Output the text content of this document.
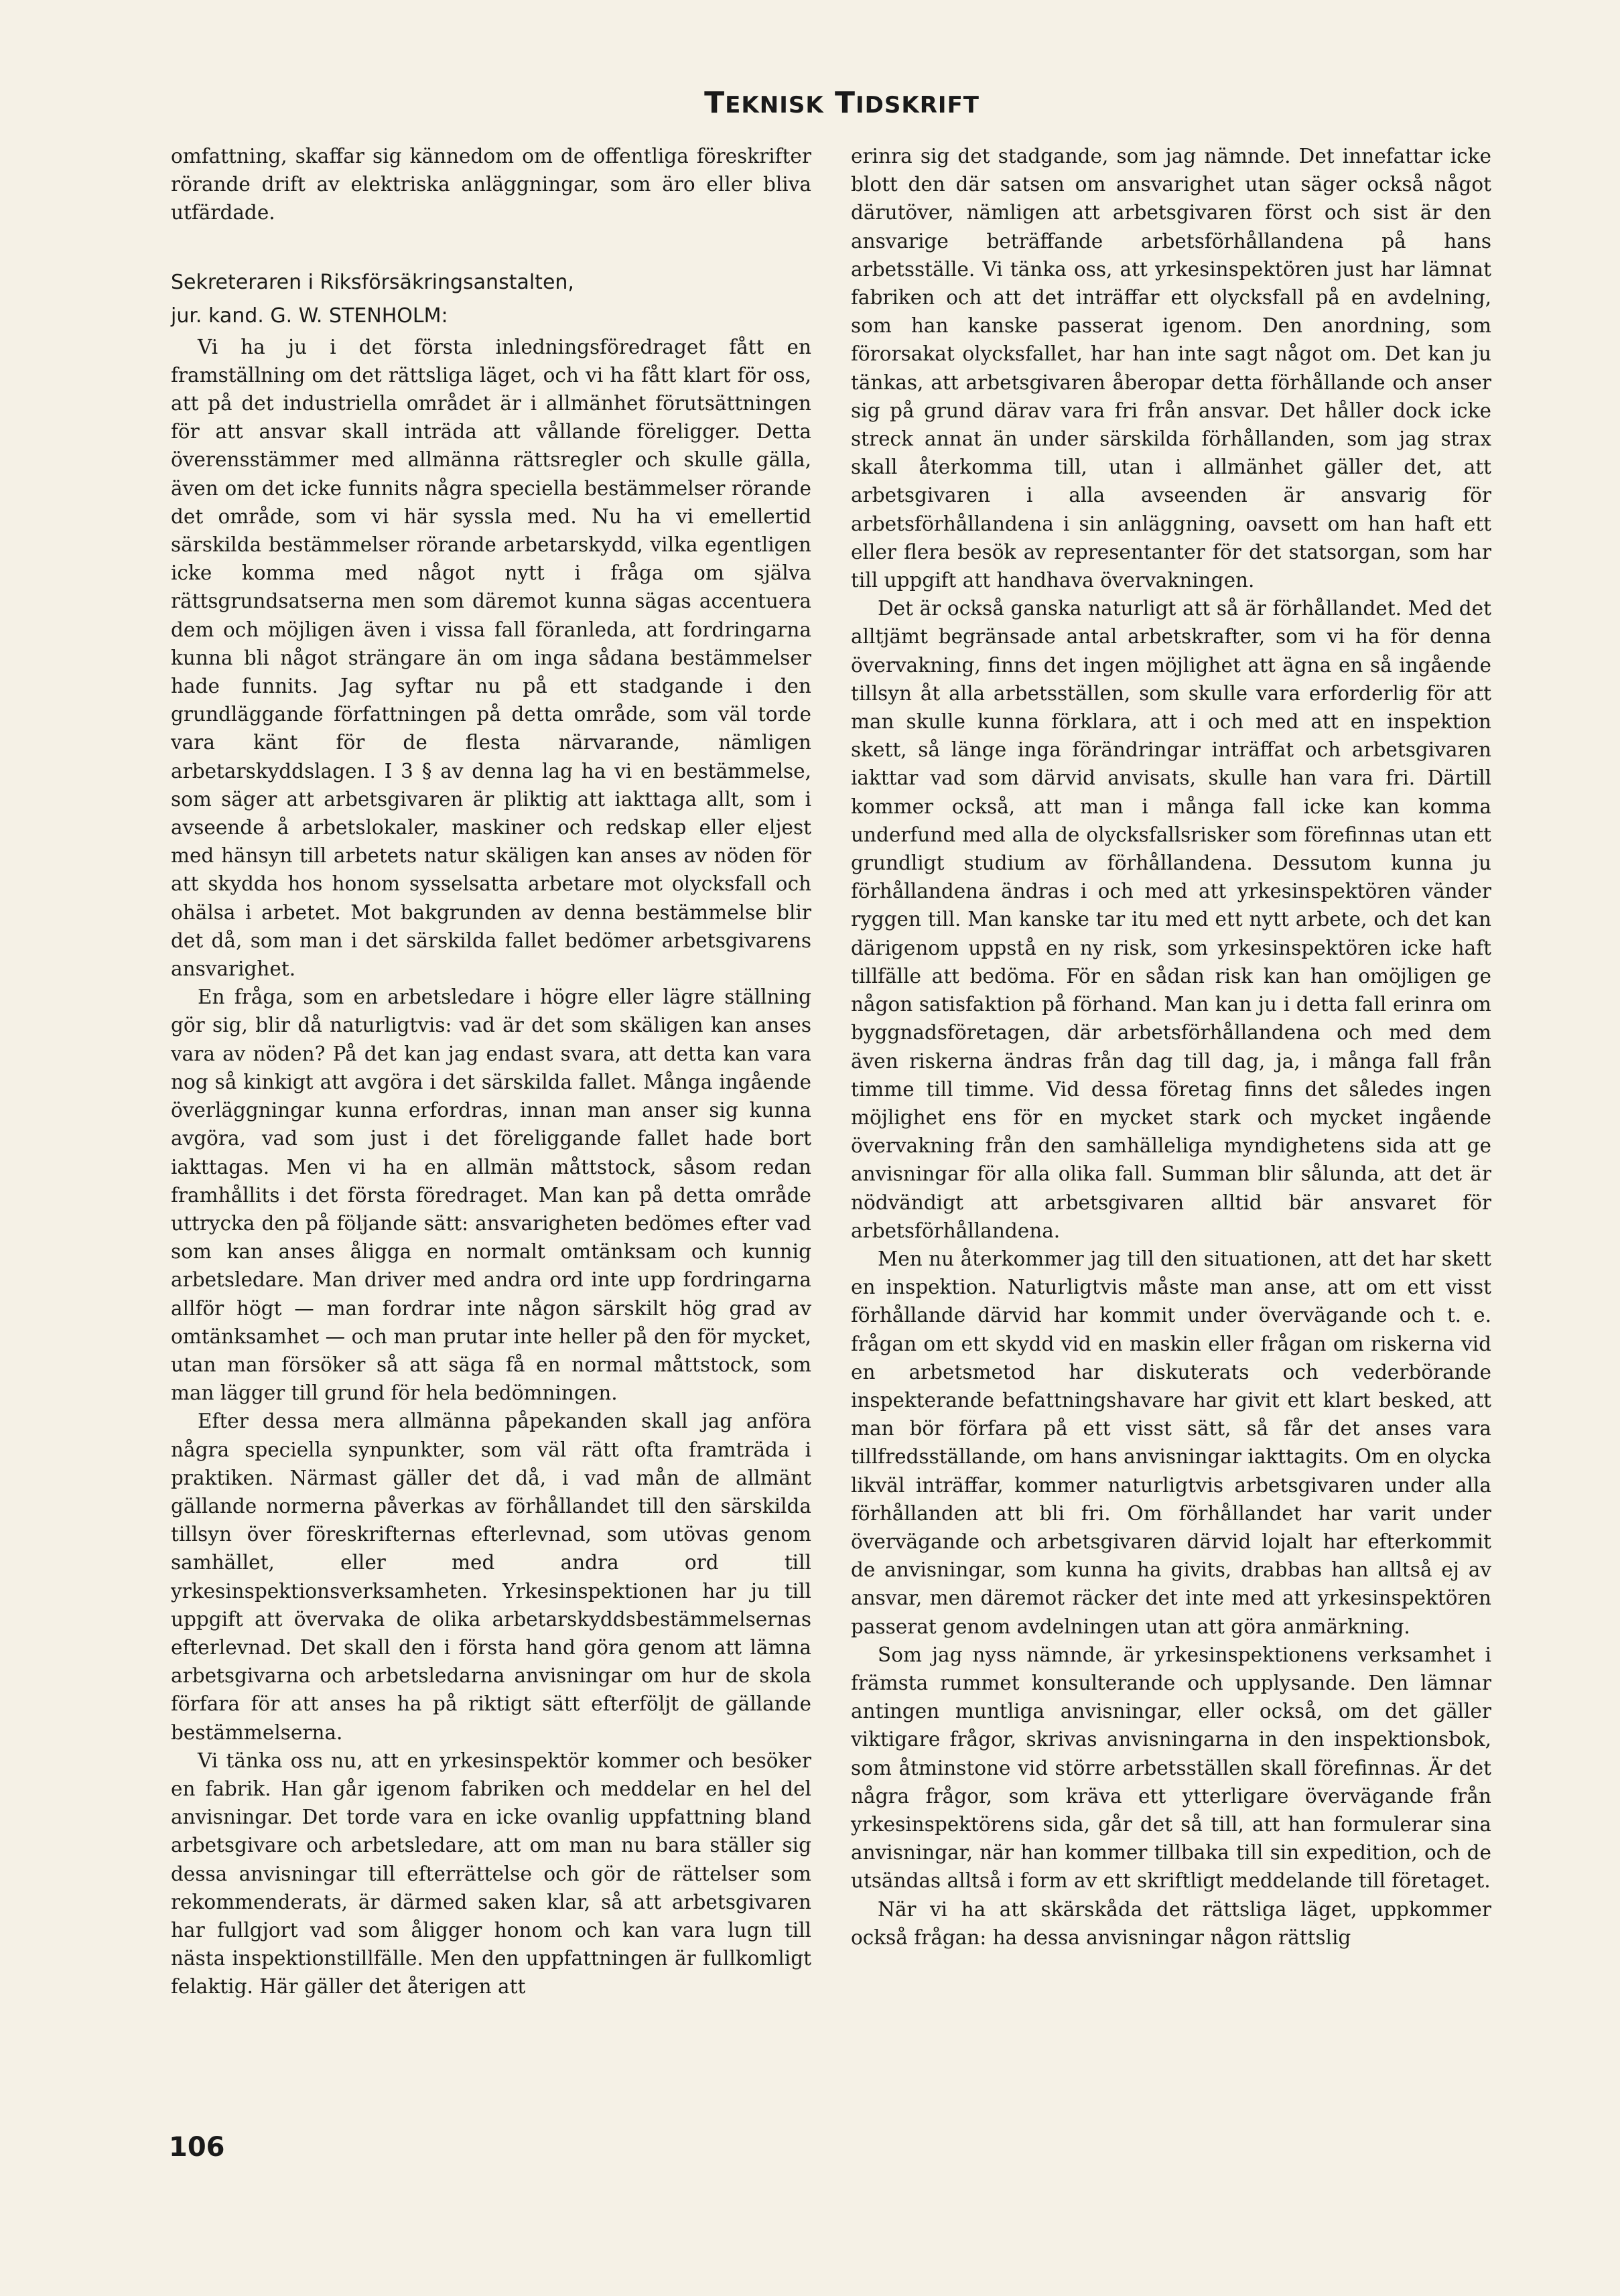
TEKNISK TIDSKRIFT

omfattning, skaffar sig kännedom om de offentliga föreskrifter rörande drift av elektriska anläggningar, som äro eller bliva utfärdade.

Sekreteraren i Riksförsäkringsanstalten,
jur. kand. G. W. STENHOLM:

Vi ha ju i det första inledningsföredraget fått en framställning om det rättsliga läget, och vi ha fått klart för oss, att på det industriella området är i allmänhet förutsättningen för att ansvar skall inträda att vållande föreligger. Detta överensstämmer med allmänna rättsregler och skulle gälla, även om det icke funnits några speciella bestämmelser rörande det område, som vi här syssla med. Nu ha vi emellertid särskilda bestämmelser rörande arbetarskydd, vilka egentligen icke komma med något nytt i fråga om själva rättsgrundsatserna men som däremot kunna sägas accentuera dem och möjligen även i vissa fall föranleda, att fordringarna kunna bli något strängare än om inga sådana bestämmelser hade funnits. Jag syftar nu på ett stadgande i den grundläggande författningen på detta område, som väl torde vara känt för de flesta närvarande, nämligen arbetarskyddslagen. I 3 § av denna lag ha vi en bestämmelse, som säger att arbetsgivaren är pliktig att iakttaga allt, som i avseende å arbetslokaler, maskiner och redskap eller eljest med hänsyn till arbetets natur skäligen kan anses av nöden för att skydda hos honom sysselsatta arbetare mot olycksfall och ohälsa i arbetet. Mot bakgrunden av denna bestämmelse blir det då, som man i det särskilda fallet bedömer arbetsgivarens ansvarighet.

En fråga, som en arbetsledare i högre eller lägre ställning gör sig, blir då naturligtvis: vad är det som skäligen kan anses vara av nöden? På det kan jag endast svara, att detta kan vara nog så kinkigt att avgöra i det särskilda fallet. Många ingående överläggningar kunna erfordras, innan man anser sig kunna avgöra, vad som just i det föreliggande fallet hade bort iakttagas. Men vi ha en allmän måttstock, såsom redan framhållits i det första föredraget. Man kan på detta område uttrycka den på följande sätt: ansvarigheten bedömes efter vad som kan anses åligga en normalt omtänksam och kunnig arbetsledare. Man driver med andra ord inte upp fordringarna allför högt — man fordrar inte någon särskilt hög grad av omtänksamhet — och man prutar inte heller på den för mycket, utan man försöker så att säga få en normal måttstock, som man lägger till grund för hela bedömningen.

Efter dessa mera allmänna påpekanden skall jag anföra några speciella synpunkter, som väl rätt ofta framträda i praktiken. Närmast gäller det då, i vad mån de allmänt gällande normerna påverkas av förhållandet till den särskilda tillsyn över föreskrifternas efterlevnad, som utövas genom samhället, eller med andra ord till yrkesinspektionsverksamheten. Yrkesinspektionen har ju till uppgift att övervaka de olika arbetarskyddsbestämmelsernas efterlevnad. Det skall den i första hand göra genom att lämna arbetsgivarna och arbetsledarna anvisningar om hur de skola förfara för att anses ha på riktigt sätt efterföljt de gällande bestämmelserna.

Vi tänka oss nu, att en yrkesinspektör kommer och besöker en fabrik. Han går igenom fabriken och meddelar en hel del anvisningar. Det torde vara en icke ovanlig uppfattning bland arbetsgivare och arbetsledare, att om man nu bara ställer sig dessa anvisningar till efterrättelse och gör de rättelser som rekommenderats, är därmed saken klar, så att arbetsgivaren har fullgjort vad som åligger honom och kan vara lugn till nästa inspektionstillfälle. Men den uppfattningen är fullkomligt felaktig. Här gäller det återigen att

erinra sig det stadgande, som jag nämnde. Det innefattar icke blott den där satsen om ansvarighet utan säger också något därutöver, nämligen att arbetsgivaren först och sist är den ansvarige beträffande arbetsförhållandena på hans arbetsställe. Vi tänka oss, att yrkesinspektören just har lämnat fabriken och att det inträffar ett olycksfall på en avdelning, som han kanske passerat igenom. Den anordning, som förorsakat olycksfallet, har han inte sagt något om. Det kan ju tänkas, att arbetsgivaren åberopar detta förhållande och anser sig på grund därav vara fri från ansvar. Det håller dock icke streck annat än under särskilda förhållanden, som jag strax skall återkomma till, utan i allmänhet gäller det, att arbetsgivaren i alla avseenden är ansvarig för arbetsförhållandena i sin anläggning, oavsett om han haft ett eller flera besök av representanter för det statsorgan, som har till uppgift att handhava övervakningen.

Det är också ganska naturligt att så är förhållandet. Med det alltjämt begränsade antal arbetskrafter, som vi ha för denna övervakning, finns det ingen möjlighet att ägna en så ingående tillsyn åt alla arbetsställen, som skulle vara erforderlig för att man skulle kunna förklara, att i och med att en inspektion skett, så länge inga förändringar inträffat och arbetsgivaren iakttar vad som därvid anvisats, skulle han vara fri. Därtill kommer också, att man i många fall icke kan komma underfund med alla de olycksfallsrisker som förefinnas utan ett grundligt studium av förhållandena. Dessutom kunna ju förhållandena ändras i och med att yrkesinspektören vänder ryggen till. Man kanske tar itu med ett nytt arbete, och det kan därigenom uppstå en ny risk, som yrkesinspektören icke haft tillfälle att bedöma. För en sådan risk kan han omöjligen ge någon satisfaktion på förhand. Man kan ju i detta fall erinra om byggnadsföretagen, där arbetsförhållandena och med dem även riskerna ändras från dag till dag, ja, i många fall från timme till timme. Vid dessa företag finns det således ingen möjlighet ens för en mycket stark och mycket ingående övervakning från den samhälleliga myndighetens sida att ge anvisningar för alla olika fall. Summan blir sålunda, att det är nödvändigt att arbetsgivaren alltid bär ansvaret för arbetsförhållandena.

Men nu återkommer jag till den situationen, att det har skett en inspektion. Naturligtvis måste man anse, att om ett visst förhållande därvid har kommit under övervägande och t. e. frågan om ett skydd vid en maskin eller frågan om riskerna vid en arbetsmetod har diskuterats och vederbörande inspekterande befattningshavare har givit ett klart besked, att man bör förfara på ett visst sätt, så får det anses vara tillfredsställande, om hans anvisningar iakttagits. Om en olycka likväl inträffar, kommer naturligtvis arbetsgivaren under alla förhållanden att bli fri. Om förhållandet har varit under övervägande och arbetsgivaren därvid lojalt har efterkommit de anvisningar, som kunna ha givits, drabbas han alltså ej av ansvar, men däremot räcker det inte med att yrkesinspektören passerat genom avdelningen utan att göra anmärkning.

Som jag nyss nämnde, är yrkesinspektionens verksamhet i främsta rummet konsulterande och upplysande. Den lämnar antingen muntliga anvisningar, eller också, om det gäller viktigare frågor, skrivas anvisningarna in den inspektionsbok, som åtminstone vid större arbetsställen skall förefinnas. Är det några frågor, som kräva ett ytterligare övervägande från yrkesinspektörens sida, går det så till, att han formulerar sina anvisningar, när han kommer tillbaka till sin expedition, och de utsändas alltså i form av ett skriftligt meddelande till företaget.

När vi ha att skärskåda det rättsliga läget, uppkommer också frågan: ha dessa anvisningar någon rättslig

106
